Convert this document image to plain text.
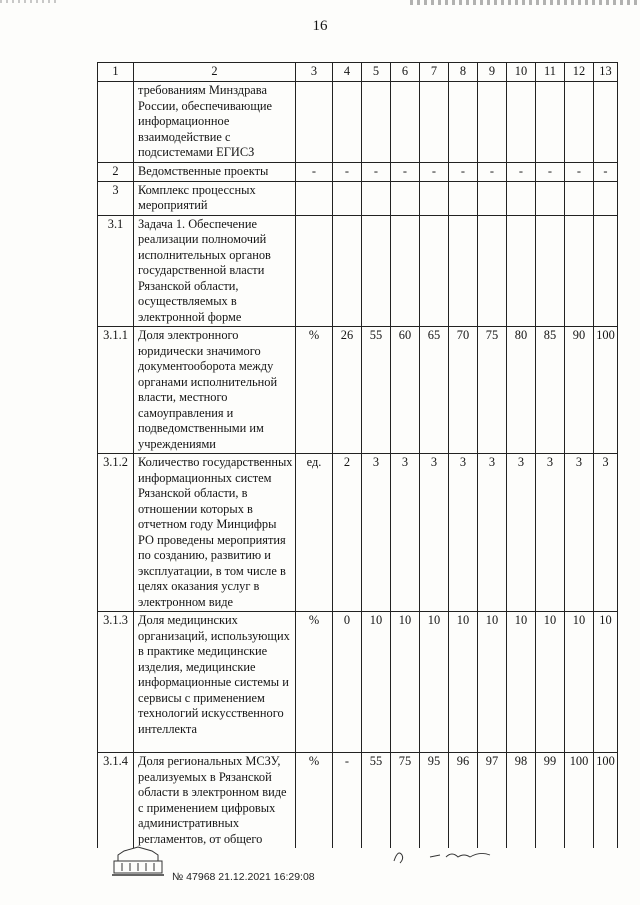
16
1	2	3	4	5	6	7	8	9	10	11	12	13
	требованиям Минздрава России, обеспечивающие информационное взаимодействие с подсистемами ЕГИСЗ											
2	Ведомственные проекты	-	-	-	-	-	-	-	-	-	-	-
3	Комплекс процессных мероприятий											
3.1	Задача 1. Обеспечение реализации полномочий исполнительных органов государственной власти Рязанской области, осуществляемых в электронной форме											
3.1.1	Доля электронного юридически значимого документооборота между органами исполнительной власти, местного самоуправления и подведомственными им учреждениями	%	26	55	60	65	70	75	80	85	90	100
3.1.2	Количество государственных информационных систем Рязанской области, в отношении которых в отчетном году Минцифры РО проведены мероприятия по созданию, развитию и эксплуатации, в том числе в целях оказания услуг в электронном виде	ед.	2	3	3	3	3	3	3	3	3	3
3.1.3	Доля медицинских организаций, использующих в практике медицинские изделия, медицинские информационные системы и сервисы с применением технологий искусственного интеллекта	%	0	10	10	10	10	10	10	10	10	10
3.1.4	Доля региональных МСЗУ, реализуемых в Рязанской области в электронном виде с применением цифровых административных регламентов, от общего	%	-	55	75	95	96	97	98	99	100	100
№ 47968 21.12.2021 16:29:08
